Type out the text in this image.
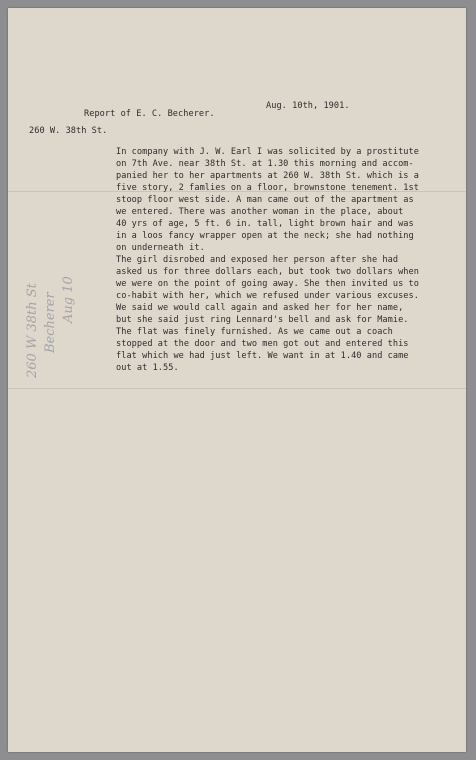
Aug. 10th, 1901.
Report of E. C. Becherer.
260 W. 38th St.

In company with J. W. Earl I was solicited by a prostitute

on 7th Ave. near 38th St. at 1.30 this morning and accom-

panied her to her apartments at 260 W. 38th St. which is a

five story, 2 famlies on a floor, brownstone tenement. 1st

stoop floor west side. A man came out of the apartment as

we entered. There was another woman in the place, about

40 yrs of age, 5 ft. 6 in. tall, light brown hair and was

in a loos fancy wrapper open at the neck; she had nothing

on underneath it.

The girl disrobed and exposed her person after she had

asked us for three dollars each, but took two dollars when

we were on the point of going away. She then invited us to

co-habit with her, which we refused under various excuses.

We said we would call again and asked her for her name,

but she said just ring Lennard's bell and ask for Mamie.

The flat was finely furnished. As we came out a coach

stopped at the door and two men got out and entered this

flat which we had just left. We want in at 1.40 and came

out at 1.55.

260 W 38th St Becherer Aug 10
